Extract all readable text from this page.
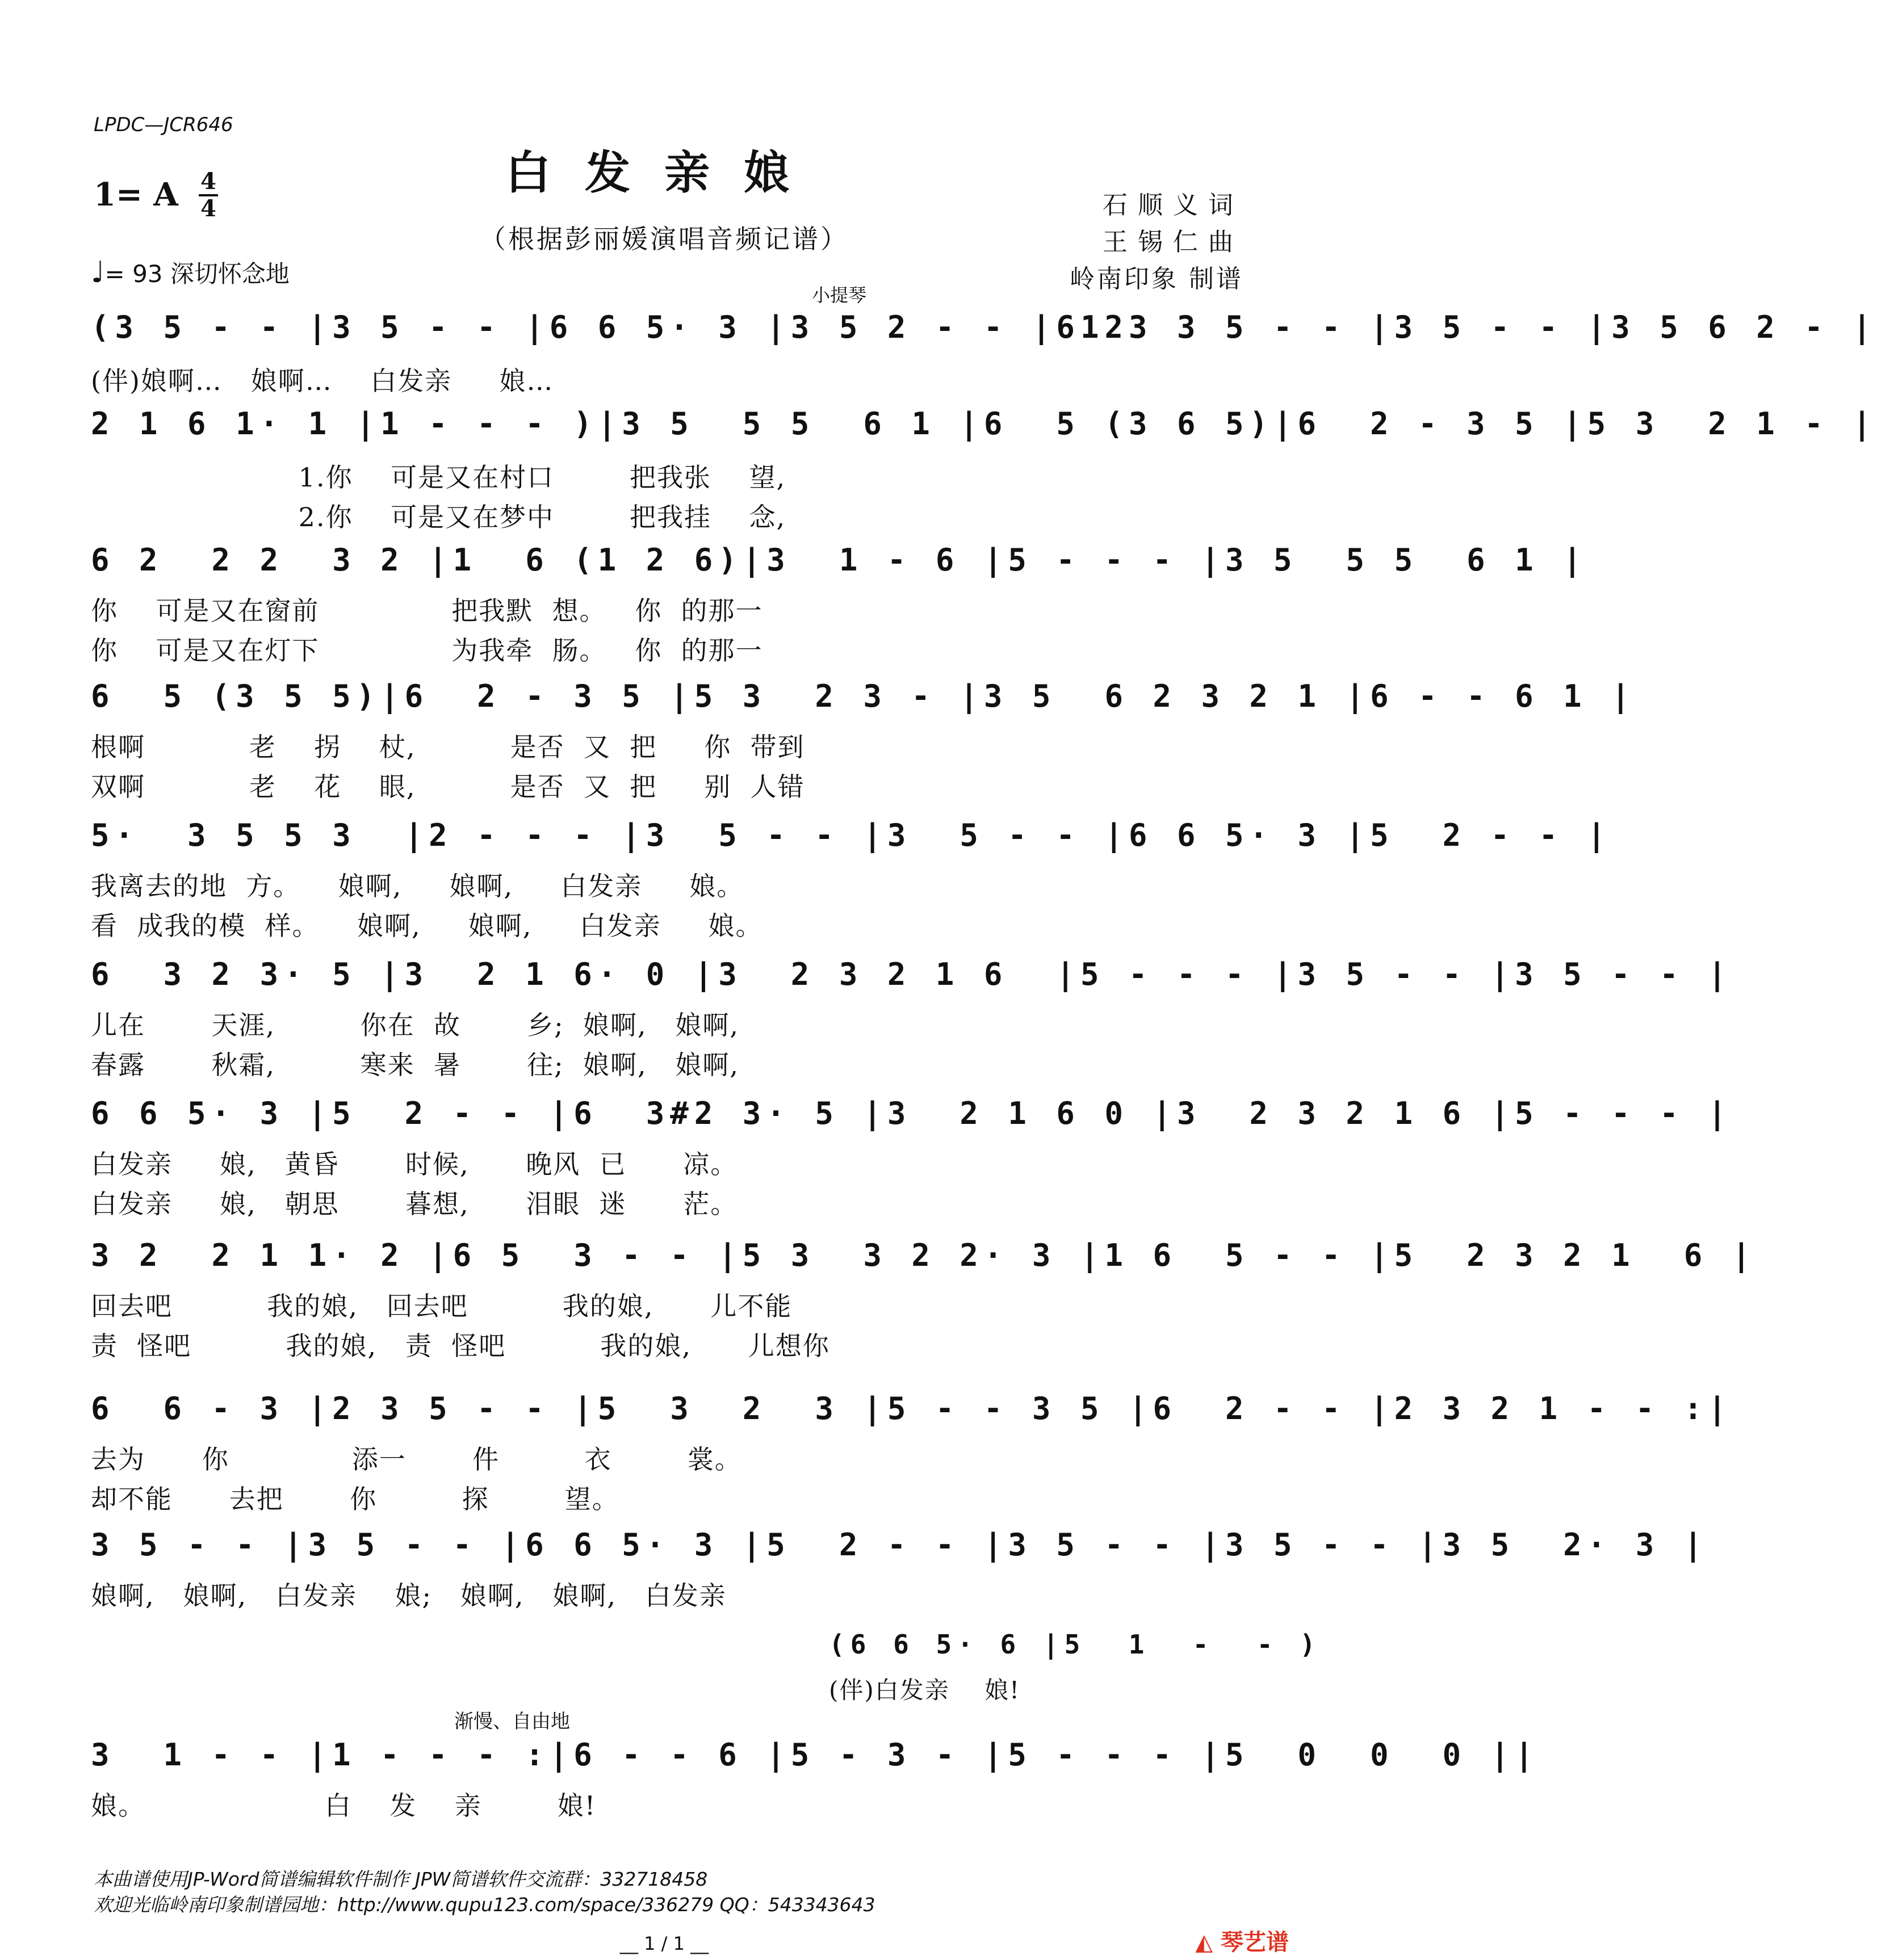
LPDC—JCR646
白发亲娘
1= A 4
4
（根据彭丽媛演唱音频记谱）
石顺义词
王锡仁曲
岭南印象 制谱
♩= 93 深切怀念地
小提琴
(3 5 - - |3 5 - - |6 6 5· 3 |3 5 2 - - |6123 3 5 - - |3 5 - - |3 5 6 2 - |
(伴)娘啊…   娘啊…    白发亲     娘…
2 1 6 1· 1 |1 - - - )|3 5  5 5  6 1 |6  5 (3 6 5)|6  2 - 3 5 |5 3  2 1 - |
1.你    可是又在村口        把我张    望,
2.你    可是又在梦中        把我挂    念,
6 2  2 2  3 2 |1  6 (1 2 6)|3  1 - 6 |5 - - - |3 5  5 5  6 1 |
你    可是又在窗前              把我默  想。   你  的那一
你    可是又在灯下              为我牵  肠。   你  的那一
6  5 (3 5 5)|6  2 - 3 5 |5 3  2 3 - |3 5  6 2 3 2 1 |6 - - 6 1 |
根啊           老    拐    杖,          是否  又  把     你  带到
双啊           老    花    眼,          是否  又  把     别  人错
5·  3 5 5 3  |2 - - - |3  5 - - |3  5 - - |6 6 5· 3 |5  2 - - |
我离去的地  方。    娘啊,     娘啊,     白发亲     娘。
看  成我的模  样。    娘啊,     娘啊,     白发亲     娘。
6  3 2 3· 5 |3  2 1 6· 0 |3  2 3 2 1 6  |5 - - - |3 5 - - |3 5 - - |
儿在       天涯,         你在  故       乡;  娘啊,   娘啊,
春露       秋霜,         寒来  暑       往;  娘啊,   娘啊,
6 6 5· 3 |5  2 - - |6  3#2 3· 5 |3  2 1 6 0 |3  2 3 2 1 6 |5 - - - |
白发亲     娘,   黄昏       时候,      晚风  已      凉。
白发亲     娘,   朝思       暮想,      泪眼  迷      茫。
3 2  2 1 1· 2 |6 5  3 - - |5 3  3 2 2· 3 |1 6  5 - - |5  2 3 2 1  6 |
回去吧          我的娘,   回去吧          我的娘,      儿不能
责  怪吧          我的娘,   责  怪吧          我的娘,      儿想你
6  6 - 3 |2 3 5 - - |5  3  2  3 |5 - - 3 5 |6  2 - - |2 3 2 1 - - :|
去为      你             添一       件         衣        裳。
却不能      去把       你         探        望。
3 5 - - |3 5 - - |6 6 5· 3 |5  2 - - |3 5 - - |3 5 - - |3 5  2· 3 |
娘啊,   娘啊,   白发亲    娘;   娘啊,   娘啊,   白发亲
(6 6 5· 6 |5  1  -  - )
(伴)白发亲    娘!
渐慢、自由地
3  1 - - |1 - - - :|6 - - 6 |5 - 3 - |5 - - - |5  0  0  0 ||
娘。                   白    发    亲        娘!
本曲谱使用JP-Word简谱编辑软件制作 JPW简谱软件交流群：332718458
欢迎光临岭南印象制谱园地：http://www.qupu123.com/space/336279 QQ：543343643
__ 1 / 1 __	◭ 琴艺谱
